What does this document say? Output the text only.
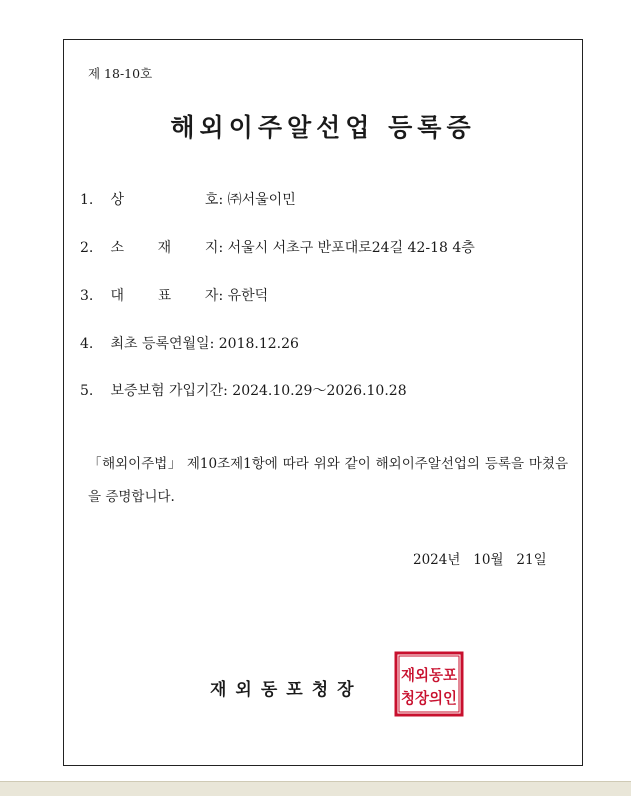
제 18-10호
해외이주알선업 등록증
1. 상 호: ㈜서울이민
2. 소 재 지: 서울시 서초구 반포대로24길 42-18 4층
3. 대 표 자: 유한덕
4. 최초 등록연월일: 2018.12.26
5. 보증보험 가입기간: 2024.10.29～2026.10.28
「해외이주법」 제10조제1항에 따라 위와 같이 해외이주알선업의 등록을 마쳤음을 증명합니다.
2024년 10월 21일
재외동포청장
재외동포
청장의인
